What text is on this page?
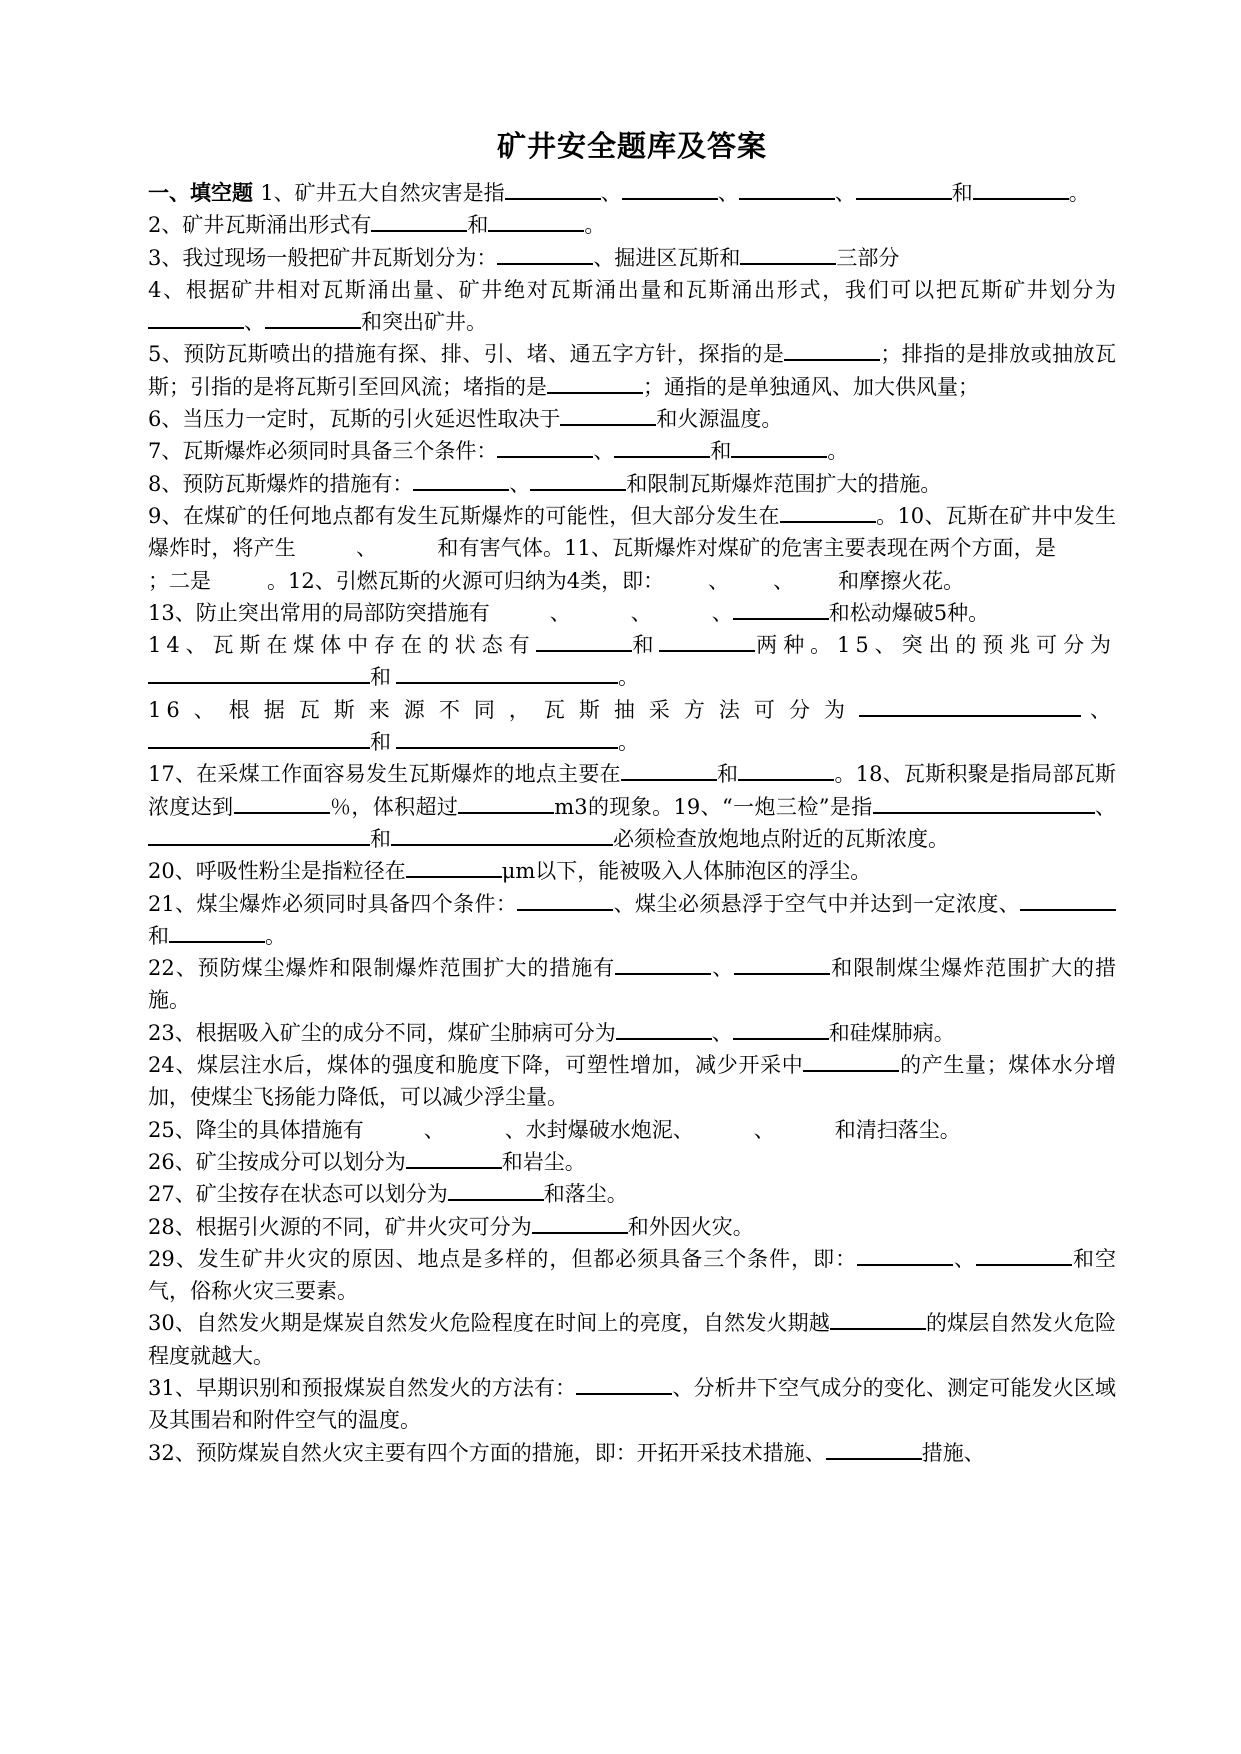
矿井安全题库及答案

一、填空题 1、矿井五大自然灾害是指	、	、	、	和	。

2、矿井瓦斯涌出形式有	和	。

3、我过现场一般把矿井瓦斯划分为：	、掘进区瓦斯和	三部分

4、根据矿井相对瓦斯涌出量、矿井绝对瓦斯涌出量和瓦斯涌出形式，我们可以把瓦斯矿井划分为、	和突出矿井。

5、预防瓦斯喷出的措施有探、排、引、堵、通五字方针，探指的是	；排指的是排放或抽放瓦斯；引指的是将瓦斯引至回风流；堵指的是	；通指的是单独通风、加大供风量；

6、当压力一定时，瓦斯的引火延迟性取决于	和火源温度。

7、瓦斯爆炸必须同时具备三个条件：	、	和	。

8、预防瓦斯爆炸的措施有：	、	和限制瓦斯爆炸范围扩大的措施。

9、在煤矿的任何地点都有发生瓦斯爆炸的可能性，但大部分发生在	。10、瓦斯在矿井中发生爆炸时，将产生	、	和有害气体。11、瓦斯爆炸对煤矿的危害主要表现在两个方面，是；二是	。12、引燃瓦斯的火源可归纳为4类，即： 、 、 和摩擦火花。

13、防止突出常用的局部防突措施有	、	、	、	和松动爆破5种。

14、瓦斯在煤体中存在的状态有	和	两种。15、突出的预兆可分为和	。

16、根据瓦斯来源不同，瓦斯抽采方法可分为	、和	。

17、在采煤工作面容易发生瓦斯爆炸的地点主要在	和	。18、瓦斯积聚是指局部瓦斯浓度达到	％，体积超过	m3的现象。19、“一炮三检”是指	、和	必须检查放炮地点附近的瓦斯浓度。

20、呼吸性粉尘是指粒径在	μm以下，能被吸入人体肺泡区的浮尘。

21、煤尘爆炸必须同时具备四个条件：	、煤尘必须悬浮于空气中并达到一定浓度、和	。

22、预防煤尘爆炸和限制爆炸范围扩大的措施有	、	和限制煤尘爆炸范围扩大的措施。

23、根据吸入矿尘的成分不同，煤矿尘肺病可分为	、	和硅煤肺病。

24、煤层注水后，煤体的强度和脆度下降，可塑性增加，减少开采中	的产生量；煤体水分增加，使煤尘飞扬能力降低，可以减少浮尘量。

25、降尘的具体措施有	、	、水封爆破水炮泥、	、	和清扫落尘。

26、矿尘按成分可以划分为	和岩尘。

27、矿尘按存在状态可以划分为	和落尘。

28、根据引火源的不同，矿井火灾可分为	和外因火灾。

29、发生矿井火灾的原因、地点是多样的，但都必须具备三个条件，即：	、	和空气，俗称火灾三要素。

30、自然发火期是煤炭自然发火危险程度在时间上的亮度，自然发火期越	的煤层自然发火危险程度就越大。

31、早期识别和预报煤炭自然发火的方法有：	、分析井下空气成分的变化、测定可能发火区域及其围岩和附件空气的温度。

32、预防煤炭自然火灾主要有四个方面的措施，即：开拓开采技术措施、	措施、
